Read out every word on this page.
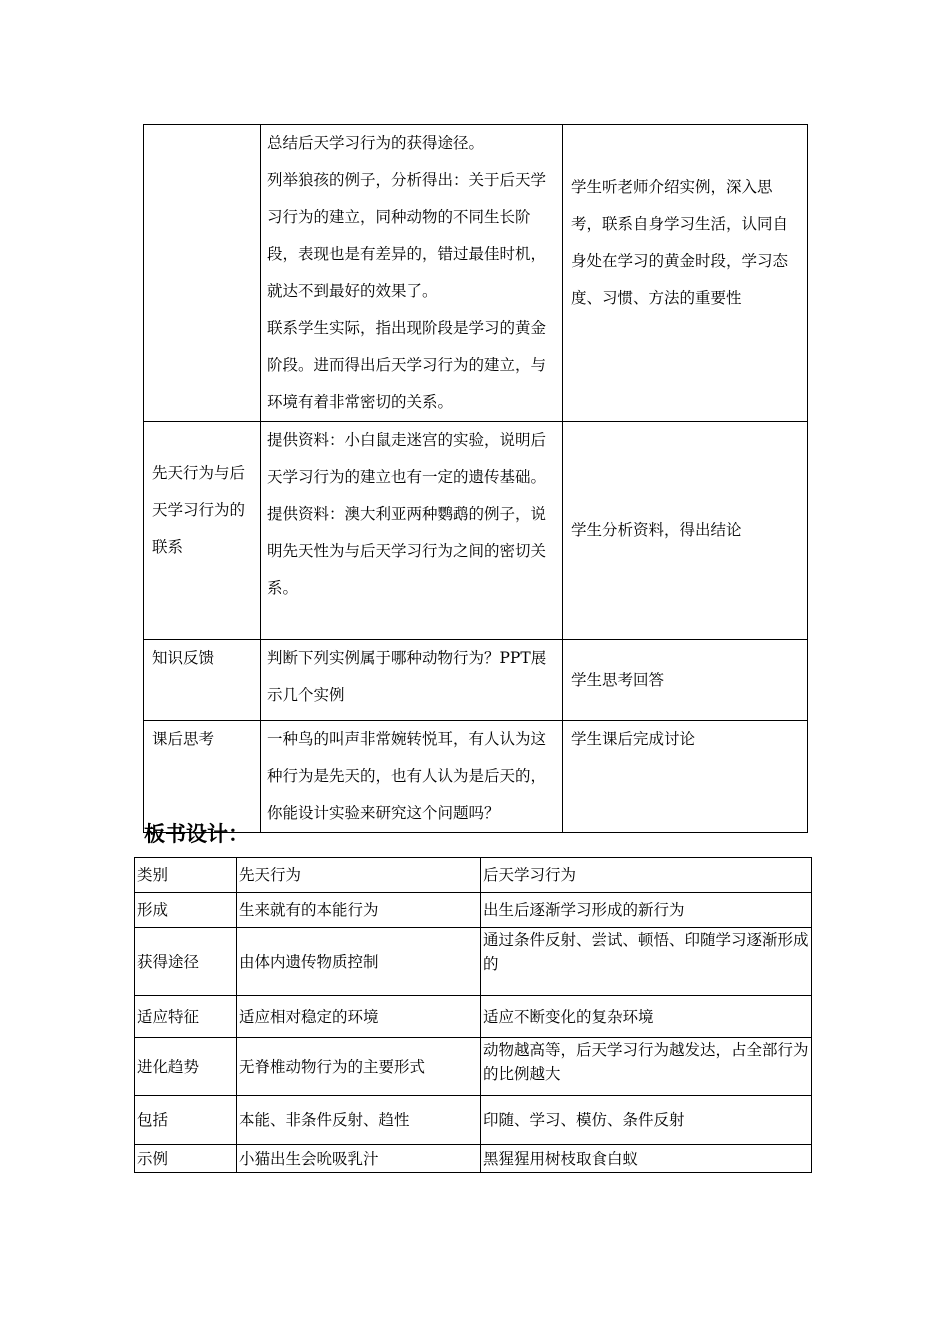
	总结后天学习行为的获得途径。

列举狼孩的例子，分析得出：关于后天学习行为的建立，同种动物的不同生长阶段，表现也是有差异的，错过最佳时机，就达不到最好的效果了。

联系学生实际，指出现阶段是学习的黄金阶段。进而得出后天学习行为的建立，与环境有着非常密切的关系。	学生听老师介绍实例，深入思考，联系自身学习生活，认同自身处在学习的黄金时段，学习态度、习惯、方法的重要性

先天行为与后天学习行为的联系	提供资料：小白鼠走迷宫的实验，说明后天学习行为的建立也有一定的遗传基础。

提供资料：澳大利亚两种鹦鹉的例子，说明先天性为与后天学习行为之间的密切关系。	学生分析资料，得出结论
知识反馈	判断下列实例属于哪种动物行为？PPT展示几个实例	学生思考回答
课后思考	一种鸟的叫声非常婉转悦耳，有人认为这种行为是先天的，也有人认为是后天的，你能设计实验来研究这个问题吗？	学生课后完成讨论
板书设计：
类别	先天行为	后天学习行为
形成	生来就有的本能行为	出生后逐渐学习形成的新行为
获得途径	由体内遗传物质控制	通过条件反射、尝试、顿悟、印随学习逐渐形成的
适应特征	适应相对稳定的环境	适应不断变化的复杂环境
进化趋势	无脊椎动物行为的主要形式	动物越高等，后天学习行为越发达，占全部行为的比例越大
包括	本能、非条件反射、趋性	印随、学习、模仿、条件反射
示例	小猫出生会吮吸乳汁	黑猩猩用树枝取食白蚁
